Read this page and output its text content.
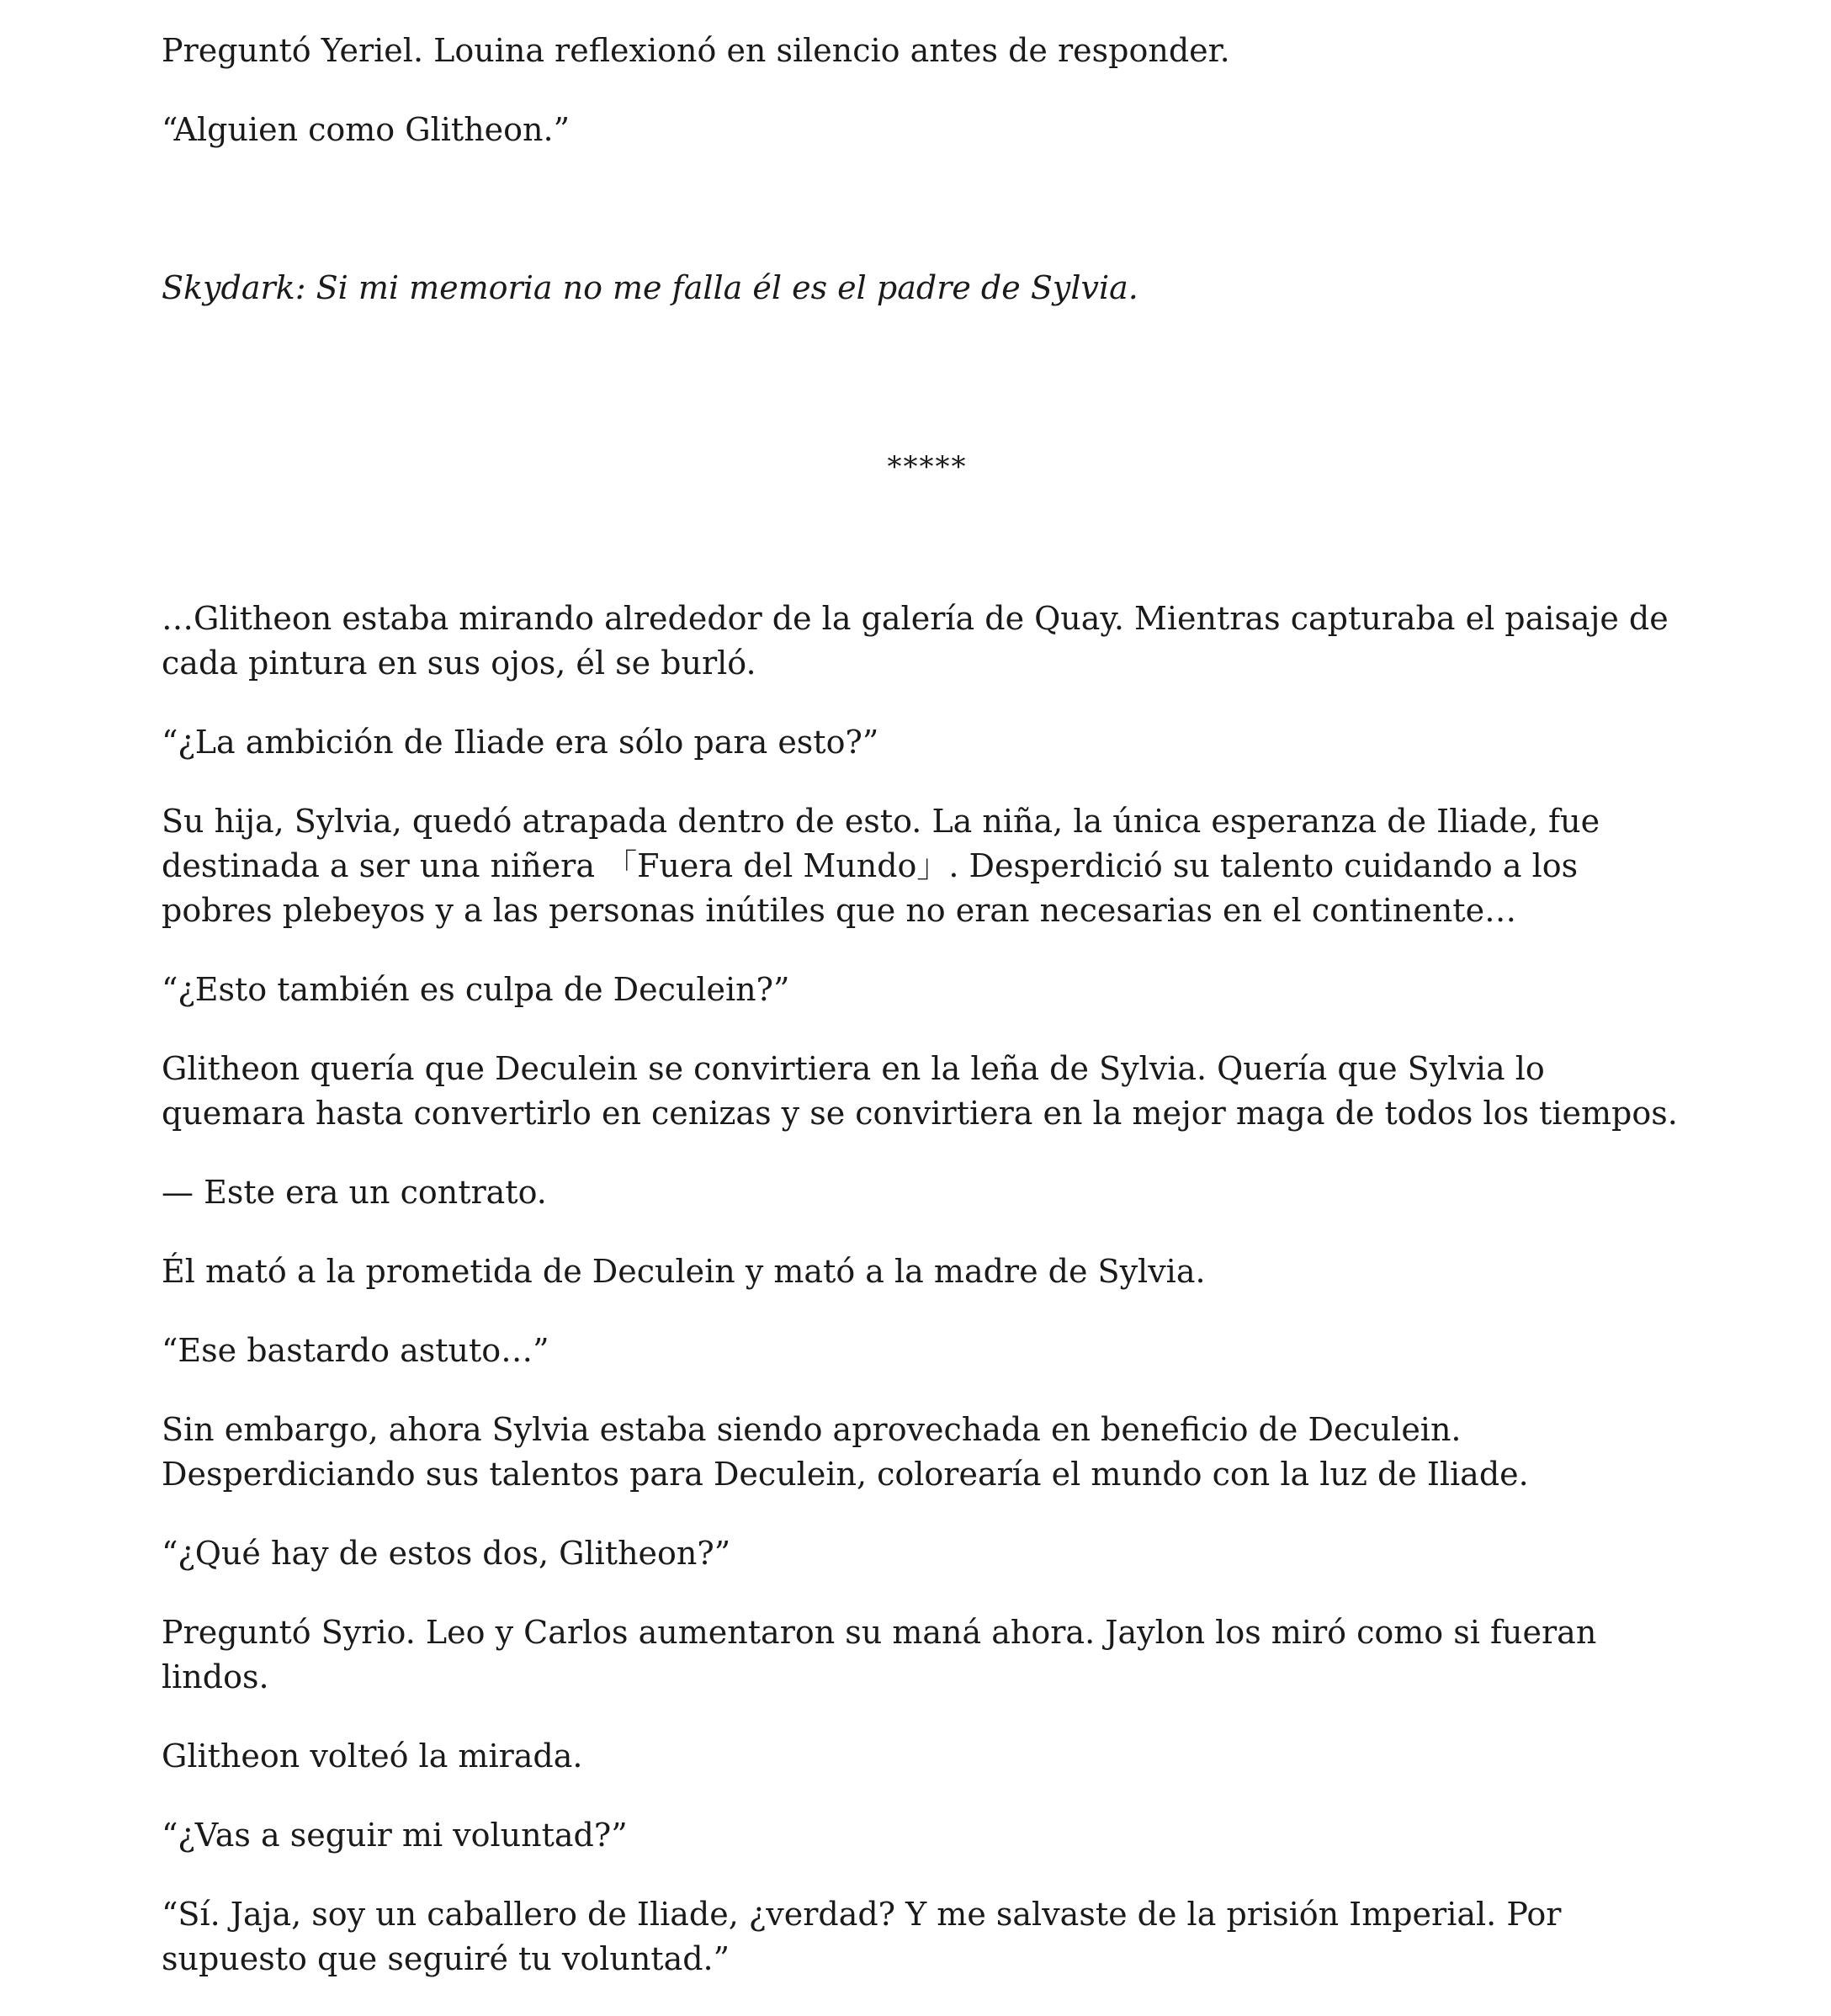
Preguntó Yeriel. Louina reflexionó en silencio antes de responder.

“Alguien como Glitheon.”

Skydark: Si mi memoria no me falla él es el padre de Sylvia.

*****

…Glitheon estaba mirando alrededor de la galería de Quay. Mientras capturaba el paisaje de cada pintura en sus ojos, él se burló.

“¿La ambición de Iliade era sólo para esto?”

Su hija, Sylvia, quedó atrapada dentro de esto. La niña, la única esperanza de Iliade, fue destinada a ser una niñera 「Fuera del Mundo」. Desperdició su talento cuidando a los pobres plebeyos y a las personas inútiles que no eran necesarias en el continente…

“¿Esto también es culpa de Deculein?”

Glitheon quería que Deculein se convirtiera en la leña de Sylvia. Quería que Sylvia lo quemara hasta convertirlo en cenizas y se convirtiera en la mejor maga de todos los tiempos.

— Este era un contrato.

Él mató a la prometida de Deculein y mató a la madre de Sylvia.

“Ese bastardo astuto…”

Sin embargo, ahora Sylvia estaba siendo aprovechada en beneficio de Deculein. Desperdiciando sus talentos para Deculein, colorearía el mundo con la luz de Iliade.

“¿Qué hay de estos dos, Glitheon?”

Preguntó Syrio. Leo y Carlos aumentaron su maná ahora. Jaylon los miró como si fueran lindos.

Glitheon volteó la mirada.

“¿Vas a seguir mi voluntad?”

“Sí. Jaja, soy un caballero de Iliade, ¿verdad? Y me salvaste de la prisión Imperial. Por supuesto que seguiré tu voluntad.”
